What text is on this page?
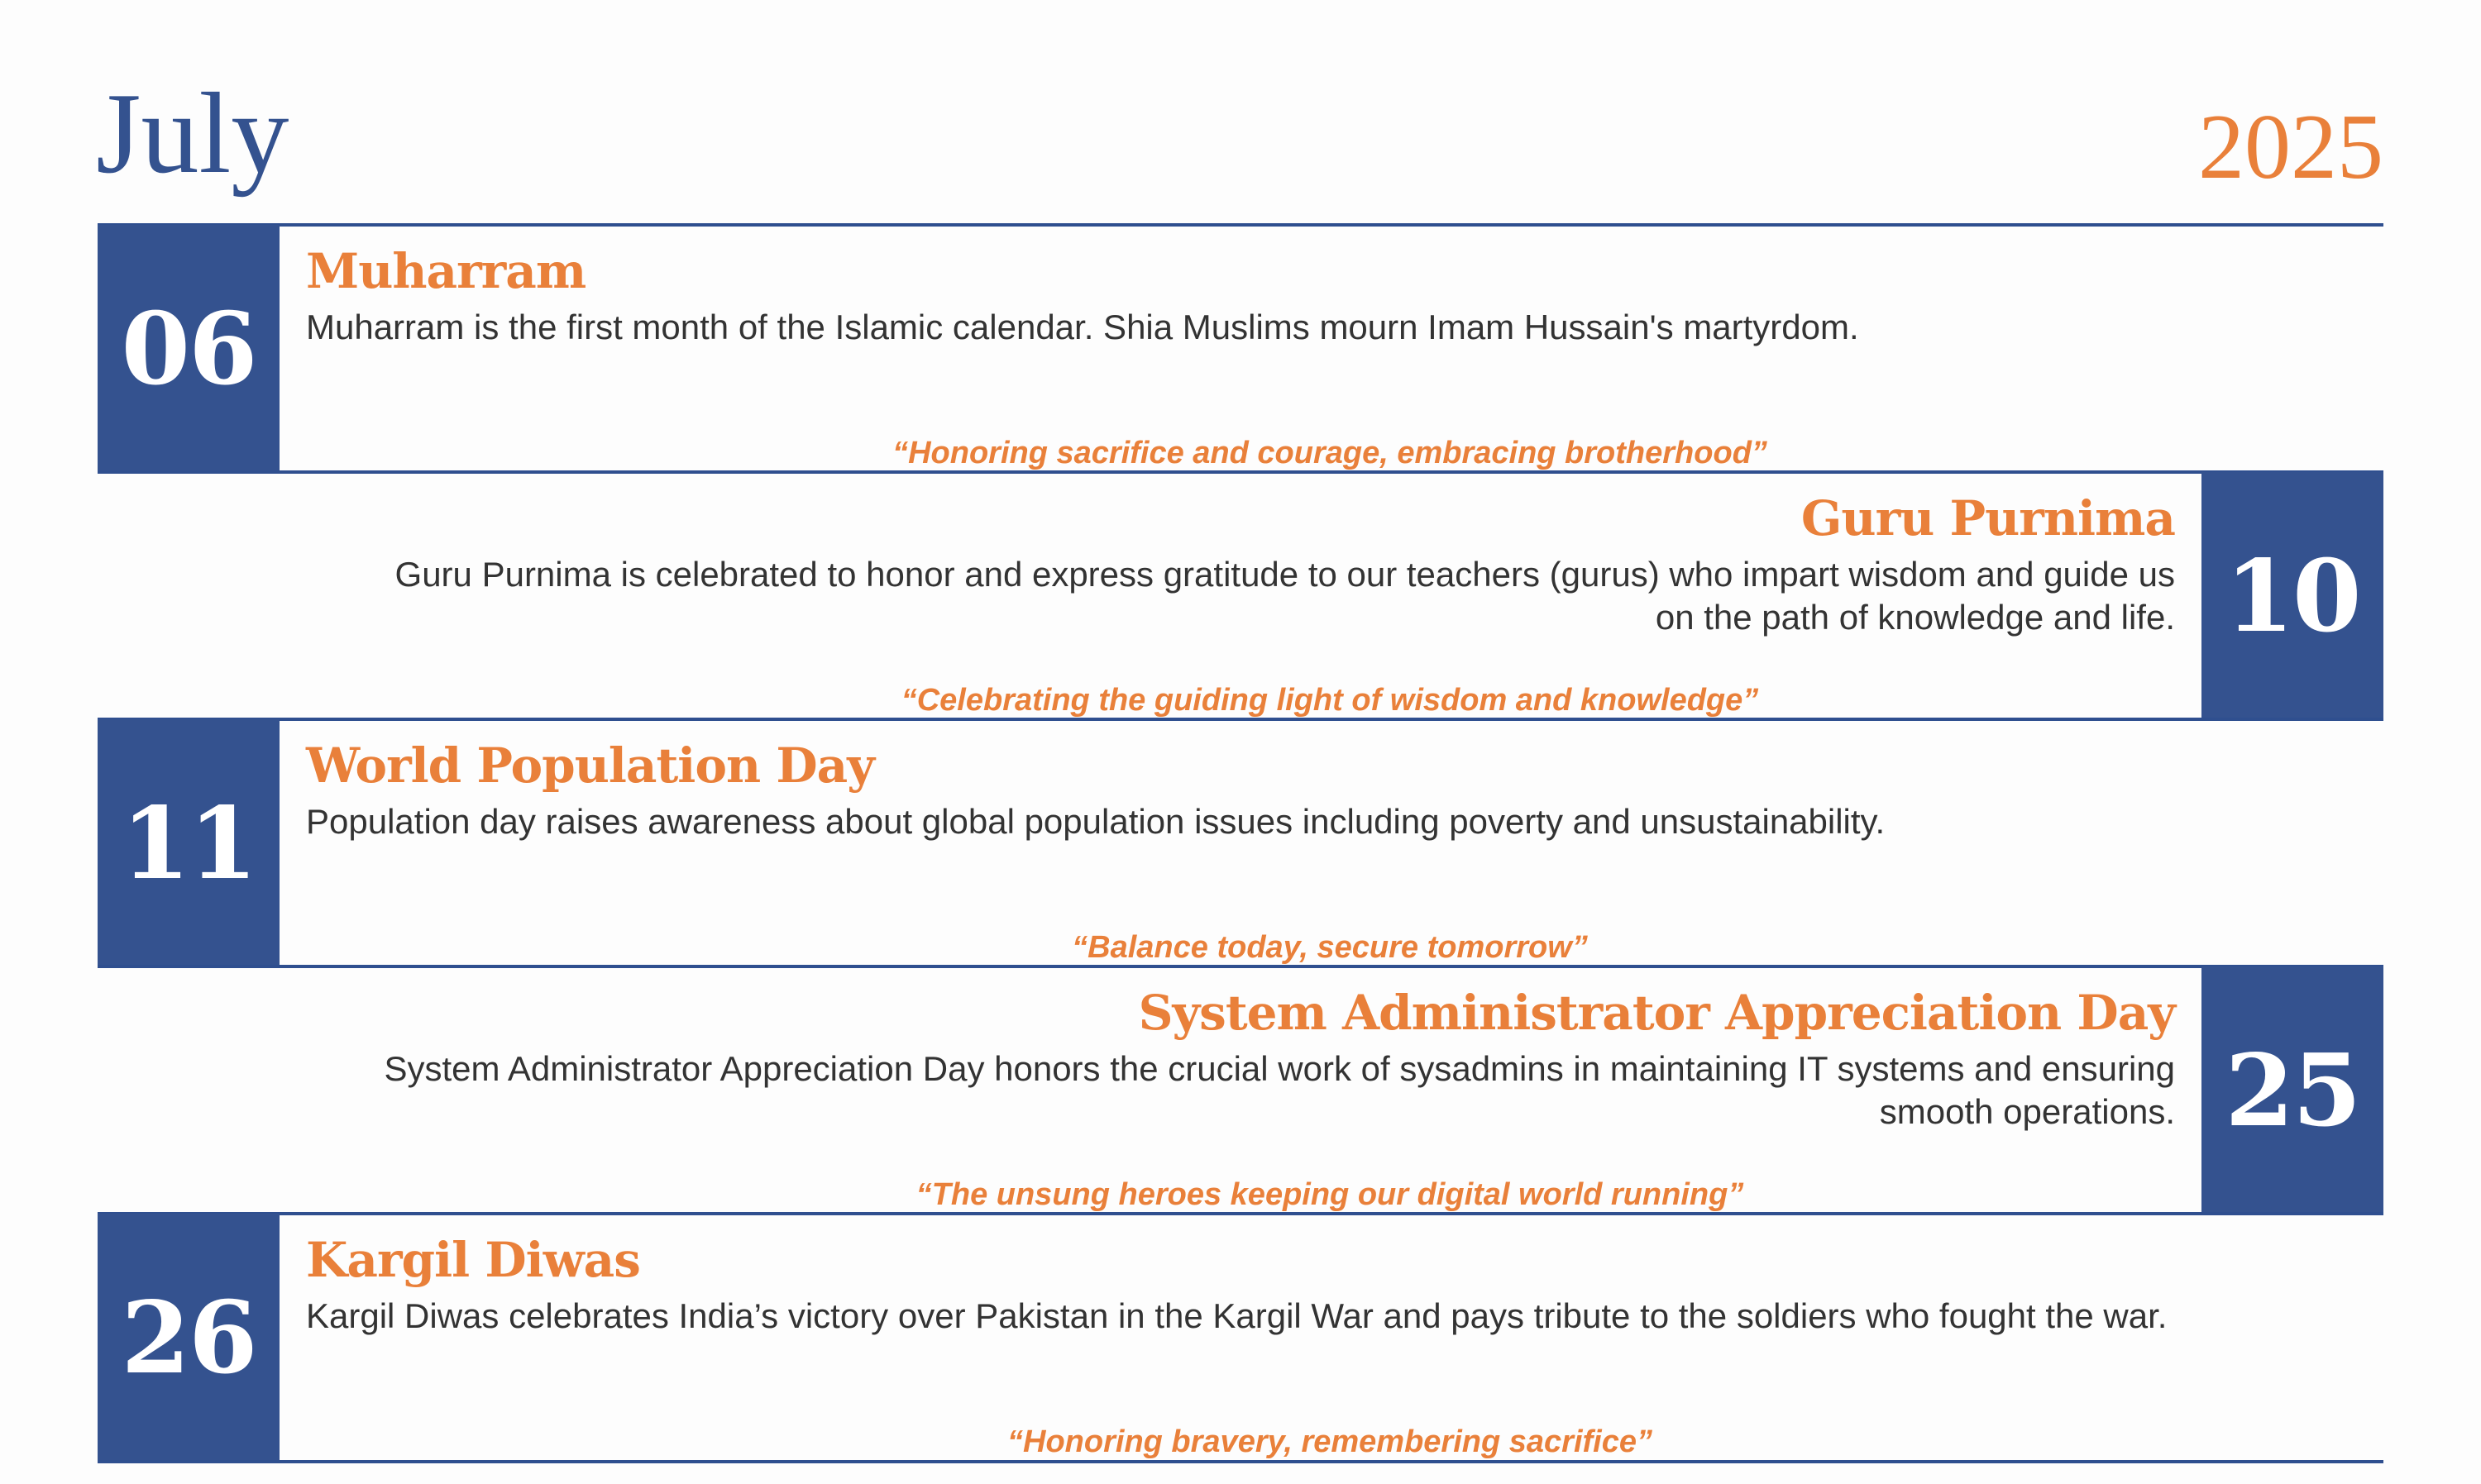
July	2025
06
Muharram
Muharram is the first month of the Islamic calendar. Shia Muslims mourn Imam Hussain's martyrdom.
“Honoring sacrifice and courage, embracing brotherhood”
10
Guru Purnima
Guru Purnima is celebrated to honor and express gratitude to our teachers (gurus) who impart wisdom and guide us
on the path of knowledge and life.
“Celebrating the guiding light of wisdom and knowledge”
11
World Population Day
Population day raises awareness about global population issues including poverty and unsustainability.
“Balance today, secure tomorrow”
25
System Administrator Appreciation Day
System Administrator Appreciation Day honors the crucial work of sysadmins in maintaining IT systems and ensuring
smooth operations.
“The unsung heroes keeping our digital world running”
26
Kargil Diwas
Kargil Diwas celebrates India’s victory over Pakistan in the Kargil War and pays tribute to the soldiers who fought the war.
“Honoring bravery, remembering sacrifice”
